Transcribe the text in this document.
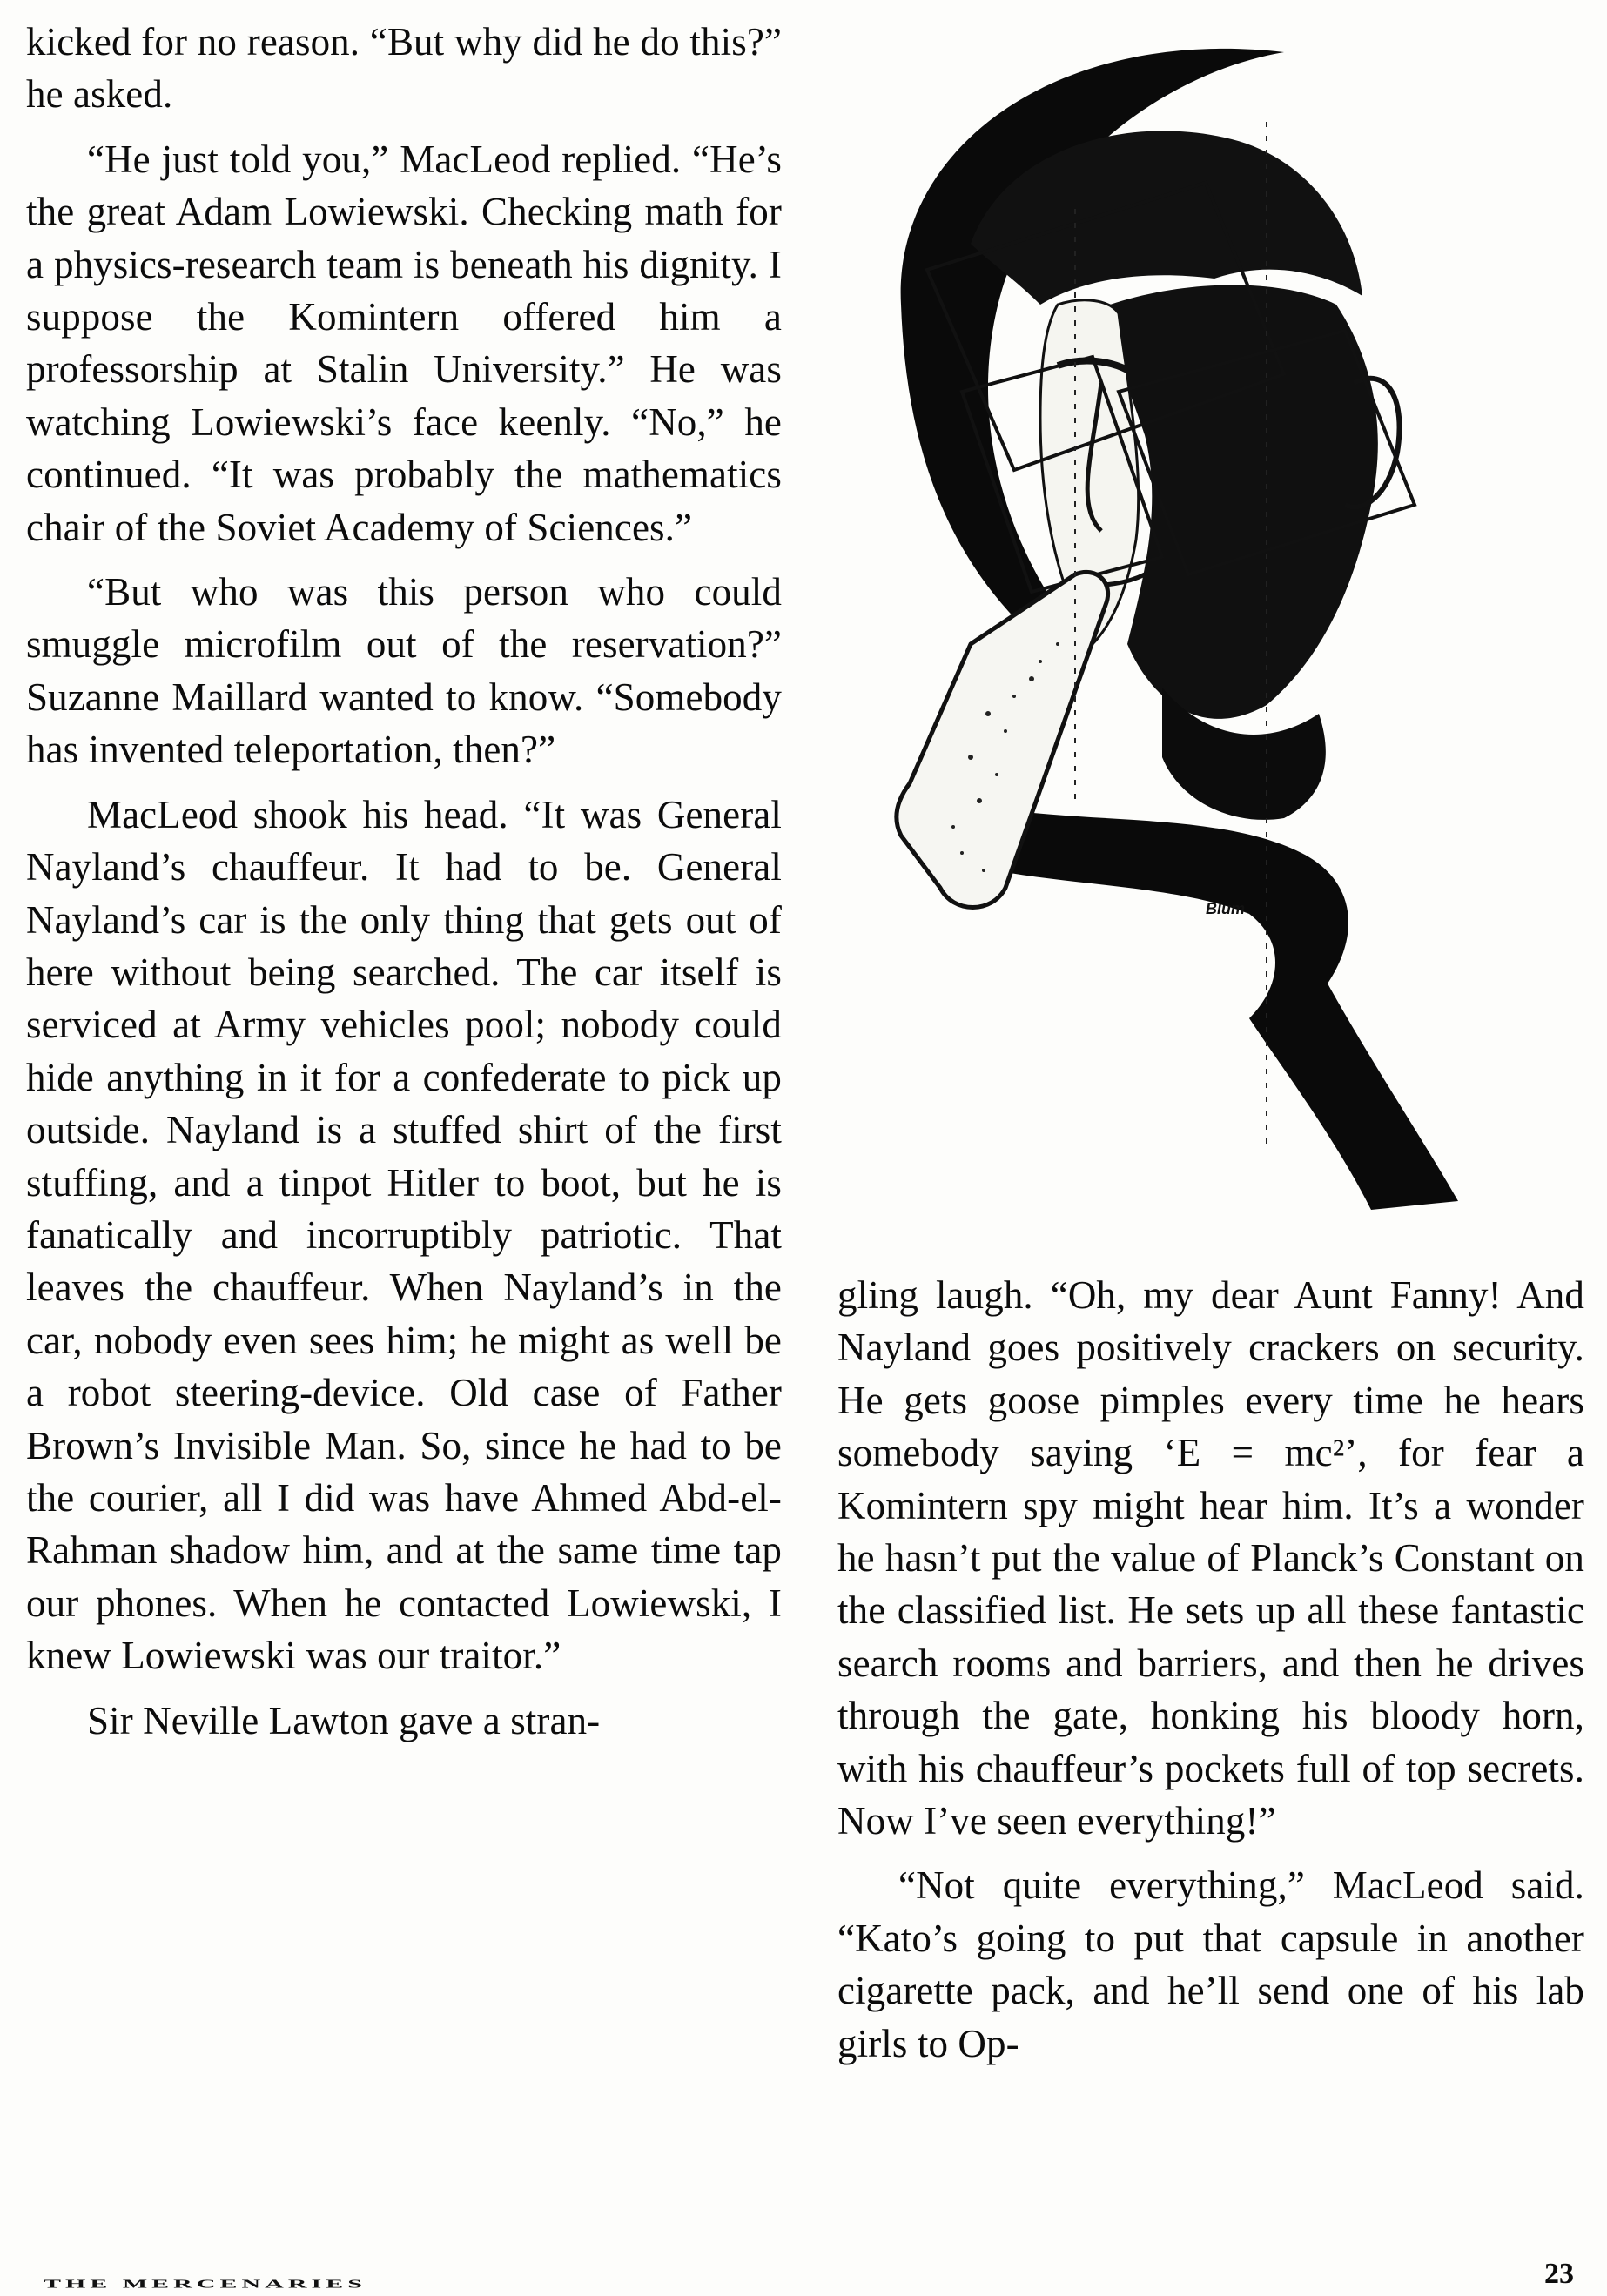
kicked for no reason. “But why did he do this?” he asked.

“He just told you,” MacLeod replied. “He’s the great Adam Lowiewski. Checking math for a physics-research team is beneath his dignity. I suppose the Komintern offered him a professorship at Stalin University.” He was watching Lowiewski’s face keenly. “No,” he continued. “It was probably the mathematics chair of the Soviet Academy of Sciences.”

“But who was this person who could smuggle microfilm out of the reservation?” Suzanne Maillard wanted to know. “Somebody has invented teleportation, then?”

MacLeod shook his head. “It was General Nayland’s chauffeur. It had to be. General Nayland’s car is the only thing that gets out of here without being searched. The car itself is serviced at Army vehicles pool; nobody could hide anything in it for a confederate to pick up outside. Nayland is a stuffed shirt of the first stuffing, and a tinpot Hitler to boot, but he is fanatically and incorruptibly patriotic. That leaves the chauffeur. When Nayland’s in the car, nobody even sees him; he might as well be a robot steering-device. Old case of Father Brown’s Invisible Man. So, since he had to be the courier, all I did was have Ahmed Abd-el-Rahman shadow him, and at the same time tap our phones. When he contacted Lowiewski, I knew Lowiewski was our traitor.”

Sir Neville Lawton gave a stran-

Blum

gling laugh. “Oh, my dear Aunt Fanny! And Nayland goes positively crackers on security. He gets goose pimples every time he hears somebody saying ‘E = mc²’, for fear a Komintern spy might hear him. It’s a wonder he hasn’t put the value of Planck’s Constant on the classified list. He sets up all these fantastic search rooms and barriers, and then he drives through the gate, honking his bloody horn, with his chauffeur’s pockets full of top secrets. Now I’ve seen everything!”

“Not quite everything,” MacLeod said. “Kato’s going to put that capsule in another cigarette pack, and he’ll send one of his lab girls to Op-

THE MERCENARIES	23
